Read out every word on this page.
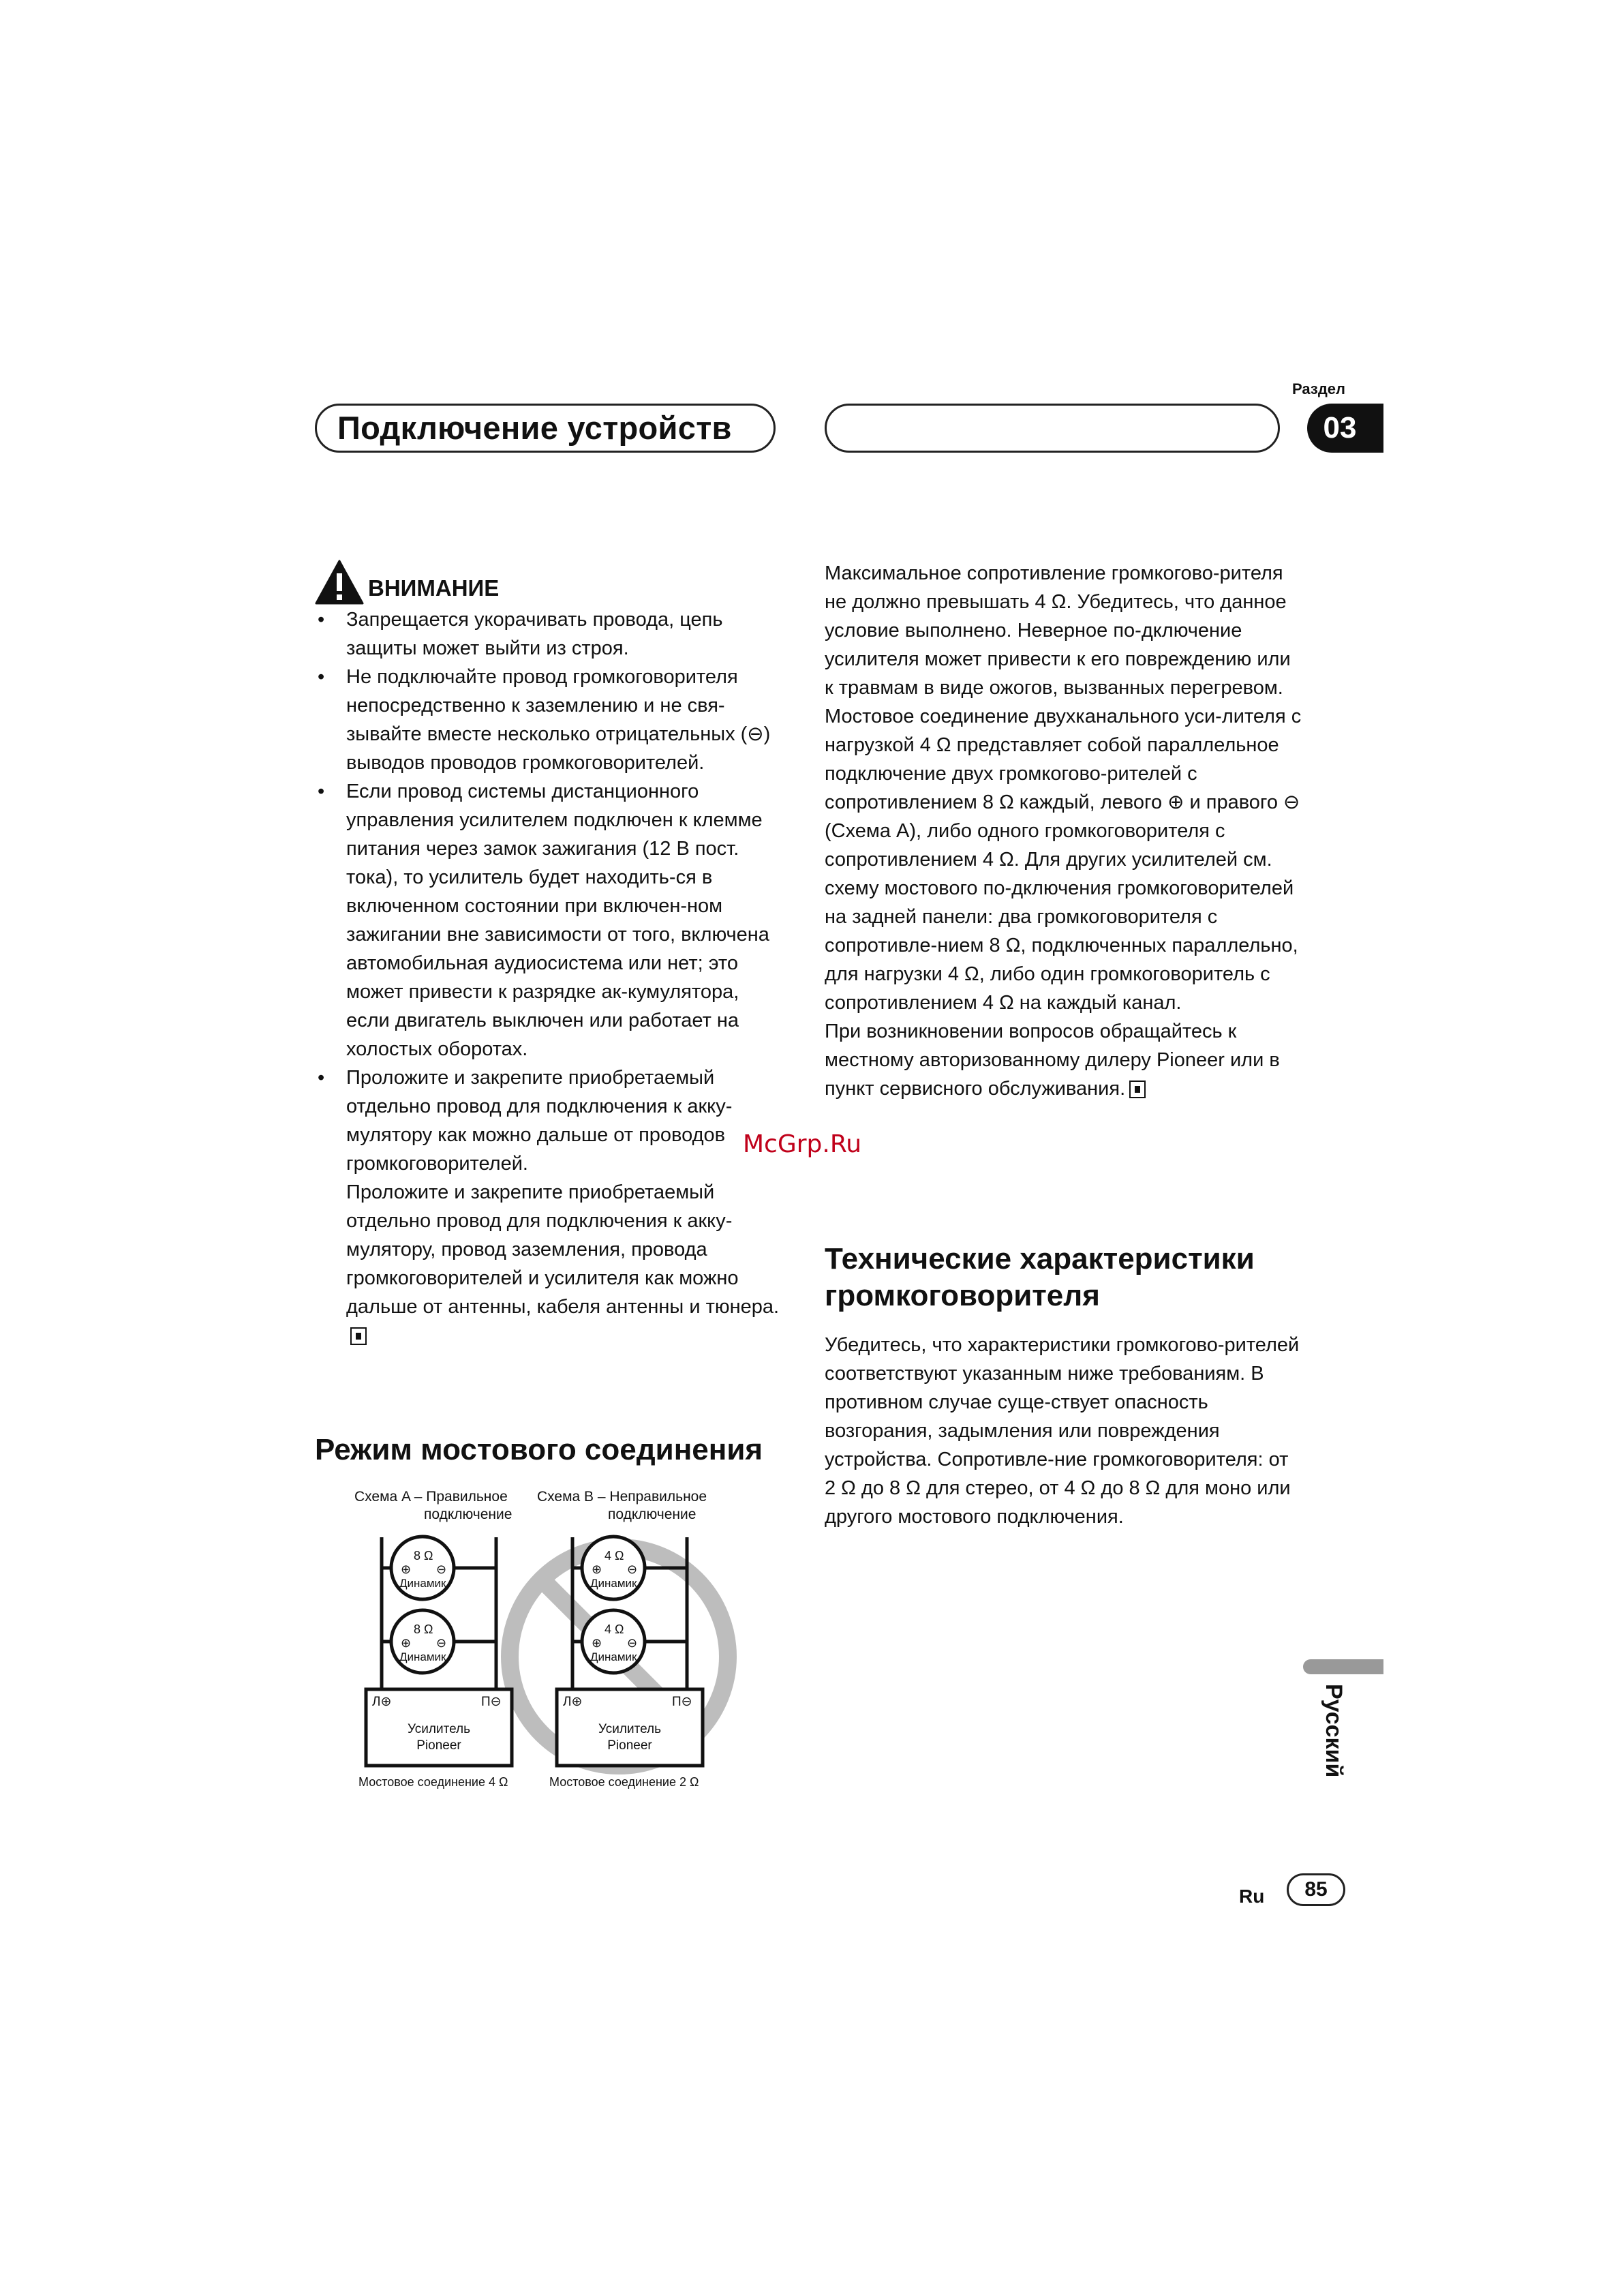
Подключение устройств
Раздел
03
ВНИМАНИЕ
• Запрещается укорачивать провода, цепь защиты может выйти из строя.
• Не подключайте провод громкоговорителя непосредственно к заземлению и не свя-зывайте вместе несколько отрицательных (⊖) выводов проводов громкоговорителей.
• Если провод системы дистанционного управления усилителем подключен к клемме питания через замок зажигания (12 В пост. тока), то усилитель будет находить-ся в включенном состоянии при включен-ном зажигании вне зависимости от того, включена автомобильная аудиосистема или нет; это может привести к разрядке ак-кумулятора, если двигатель выключен или работает на холостых оборотах.
• Проложите и закрепите приобретаемый отдельно провод для подключения к акку-мулятору как можно дальше от проводов громкоговорителей.
Проложите и закрепите приобретаемый отдельно провод для подключения к акку-мулятору, провод заземления, провода громкоговорителей и усилителя как можно дальше от антенны, кабеля антенны и тюнера.
Режим мостового соединения
Схема A – Правильное
подключение
Схема B – Неправильное
подключение
8 Ω
⊕ ⊖
Динамик
8 Ω
⊕ ⊖
Динамик
Л⊕	П⊖
Усилитель
Pioneer
Мостовое соединение 4 Ω
4 Ω
⊕ ⊖
Динамик
4 Ω
⊕ ⊖
Динамик
Л⊕	П⊖
Усилитель
Pioneer
Мостовое соединение 2 Ω
Максимальное сопротивление громкогово-рителя не должно превышать 4 Ω. Убедитесь, что данное условие выполнено. Неверное по-дключение усилителя может привести к его повреждению или к травмам в виде ожогов, вызванных перегревом.
Мостовое соединение двухканального уси-лителя с нагрузкой 4 Ω представляет собой параллельное подключение двух громкогово-рителей с сопротивлением 8 Ω каждый, левого ⊕ и правого ⊖ (Схема A), либо одного громкоговорителя с сопротивлением 4 Ω. Для других усилителей см. схему мостового по-дключения громкоговорителей на задней панели: два громкоговорителя с сопротивле-нием 8 Ω, подключенных параллельно, для нагрузки 4 Ω, либо один громкоговоритель с сопротивлением 4 Ω на каждый канал.
При возникновении вопросов обращайтесь к местному авторизованному дилеру Pioneer или в пункт сервисного обслуживания.
Технические характеристики громкоговорителя
Убедитесь, что характеристики громкогово-рителей соответствуют указанным ниже требованиям. В противном случае суще-ствует опасность возгорания, задымления или повреждения устройства. Сопротивле-ние громкоговорителя: от 2 Ω до 8 Ω для стерео, от 4 Ω до 8 Ω для моно или другого мостового подключения.
McGrp.Ru
Русский
Ru 85
